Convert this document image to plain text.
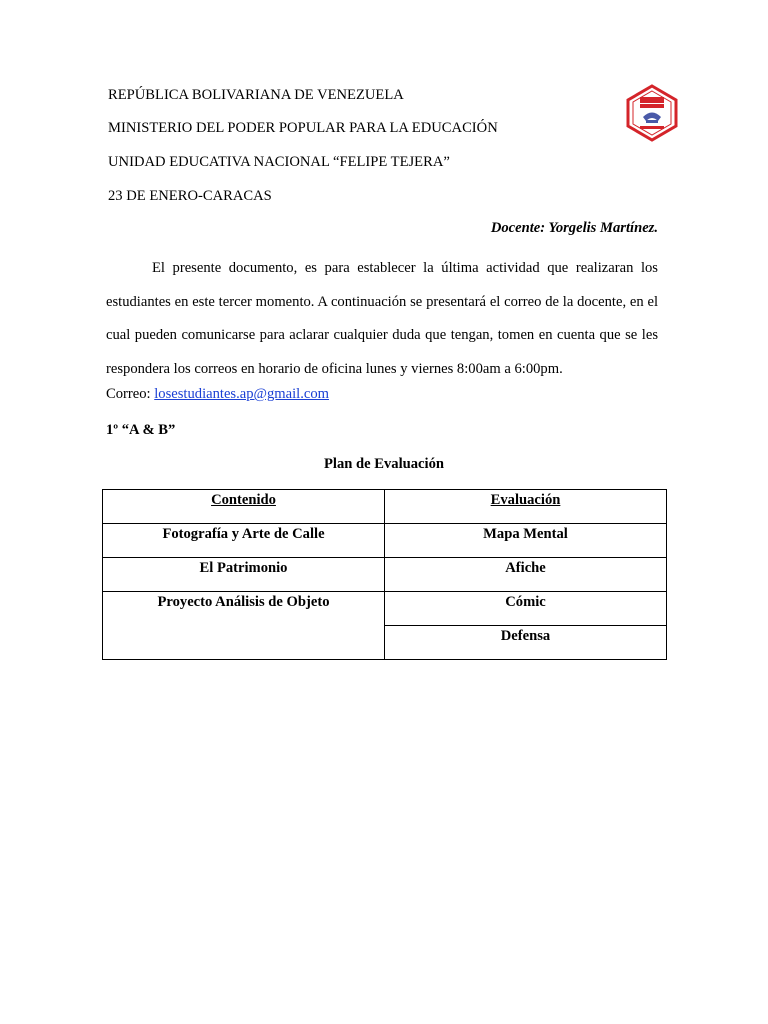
REPÚBLICA BOLIVARIANA DE VENEZUELA
MINISTERIO DEL PODER POPULAR PARA LA EDUCACIÓN
UNIDAD EDUCATIVA NACIONAL “FELIPE TEJERA”
23 DE ENERO-CARACAS
Docente: Yorgelis Martínez.

El presente documento, es para establecer la última actividad que realizaran los estudiantes en este tercer momento. A continuación se presentará el correo de la docente, en el cual pueden comunicarse para aclarar cualquier duda que tengan, tomen en cuenta que se les respondera los correos en horario de oficina lunes y viernes 8:00am a 6:00pm.

Correo: losestudiantes.ap@gmail.com
1º “A & B”
Plan de Evaluación
Contenido	Evaluación
Fotografía y Arte de Calle	Mapa Mental
El Patrimonio	Afiche
Proyecto Análisis de Objeto	Cómic
	Defensa
